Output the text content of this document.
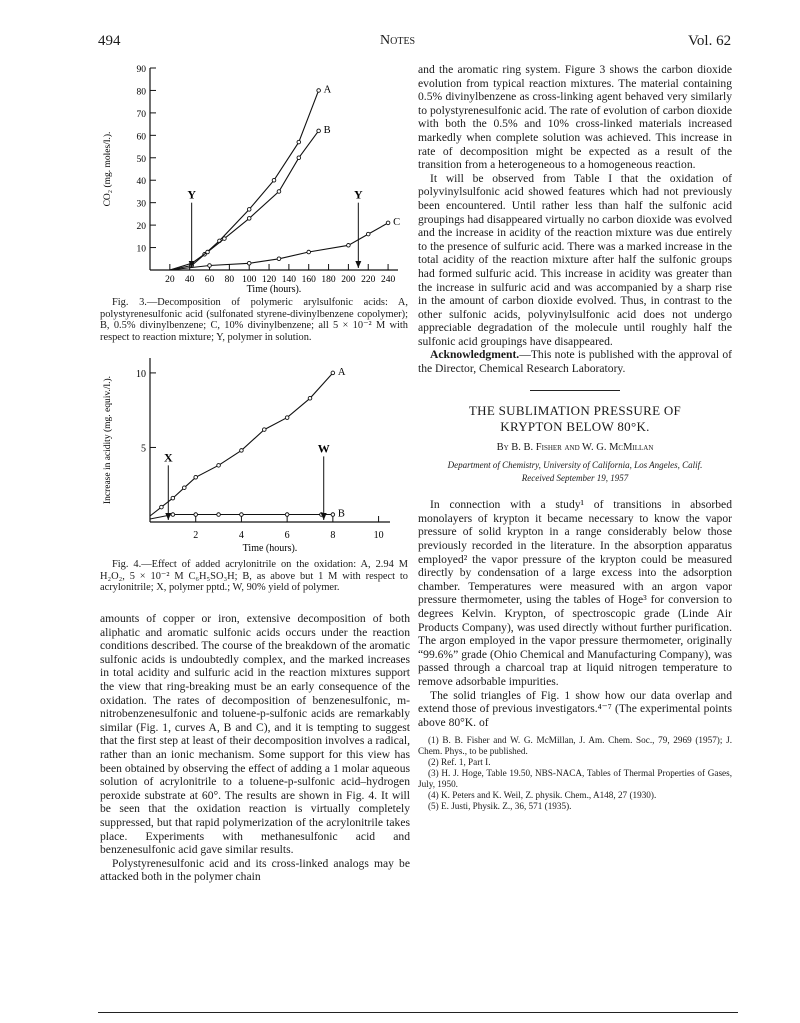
494	Notes	Vol. 62
20 40 60 80 100 120 140 160 180 200 220 240
10
20
30
40
50
60
70
80
90
Time (hours).
CO₂ (mg. moles/l.).
A
B
C
Y	Y

Fig. 3.—Decomposition of polymeric arylsulfonic acids: A, polystyrenesulfonic acid (sulfonated styrene-divinylbenzene copolymer); B, 0.5% divinylbenzene; C, 10% divinylbenzene; all 5 × 10⁻² M with respect to reaction mixture; Y, polymer in solution.

2	4	6	8	10
5
10
Time (hours).
Increase in acidity (mg. equiv./l.).
A
B
X
W

Fig. 4.—Effect of added acrylonitrile on the oxidation: A, 2.94 M H₂O₂, 5 × 10⁻² M C₆H₅SO₃H; B, as above but 1 M with respect to acrylonitrile; X, polymer pptd.; W, 90% yield of polymer.

amounts of copper or iron, extensive decomposition of both aliphatic and aromatic sulfonic acids occurs under the reaction conditions described. The course of the breakdown of the aromatic sulfonic acids is undoubtedly complex, and the marked increases in total acidity and sulfuric acid in the reaction mixtures support the view that ring-breaking must be an early consequence of the oxidation. The rates of decomposition of benzenesulfonic, m-nitrobenzenesulfonic and toluene-p-sulfonic acids are remarkably similar (Fig. 1, curves A, B and C), and it is tempting to suggest that the first step at least of their decomposition involves a radical, rather than an ionic mechanism. Some support for this view has been obtained by observing the effect of adding a 1 molar aqueous solution of acrylonitrile to a toluene-p-sulfonic acid–hydrogen peroxide substrate at 60°. The results are shown in Fig. 4. It will be seen that the oxidation reaction is virtually completely suppressed, but that rapid polymerization of the acrylonitrile takes place. Experiments with methanesulfonic acid and benzenesulfonic acid gave similar results.

Polystyrenesulfonic acid and its cross-linked analogs may be attacked both in the polymer chain

and the aromatic ring system. Figure 3 shows the carbon dioxide evolution from typical reaction mixtures. The material containing 0.5% divinylbenzene as cross-linking agent behaved very similarly to polystyrenesulfonic acid. The rate of evolution of carbon dioxide with both the 0.5% and 10% cross-linked materials increased markedly when complete solution was achieved. This increase in rate of decomposition might be expected as a result of the transition from a heterogeneous to a homogeneous reaction.

It will be observed from Table I that the oxidation of polyvinylsulfonic acid showed features which had not previously been encountered. Until rather less than half the sulfonic acid groupings had disappeared virtually no carbon dioxide was evolved and the increase in acidity of the reaction mixture was due entirely to the presence of sulfuric acid. There was a marked increase in the total acidity of the reaction mixture after half the sulfonic groups had formed sulfuric acid. This increase in acidity was greater than the increase in sulfuric acid and was accompanied by a sharp rise in the amount of carbon dioxide evolved. Thus, in contrast to the other sulfonic acids, polyvinylsulfonic acid does not undergo appreciable degradation of the molecule until roughly half the sulfonic acid groupings have disappeared.

Acknowledgment.—This note is published with the approval of the Director, Chemical Research Laboratory.

THE SUBLIMATION PRESSURE OF
KRYPTON BELOW 80°K.
By B. B. Fisher and W. G. McMillan
Department of Chemistry, University of California, Los Angeles, Calif.
Received September 19, 1957

In connection with a study¹ of transitions in absorbed monolayers of krypton it became necessary to know the vapor pressure of solid krypton in a range considerably below those previously recorded in the literature. In the absorption apparatus employed² the vapor pressure of the krypton could be measured directly by condensation of a large excess into the adsorption chamber. Temperatures were measured with an argon vapor pressure thermometer, using the tables of Hoge³ for conversion to degrees Kelvin. Krypton, of spectroscopic grade (Linde Air Products Company), was used directly without further purification. The argon employed in the vapor pressure thermometer, originally “99.6%” grade (Ohio Chemical and Manufacturing Company), was passed through a charcoal trap at liquid nitrogen temperature to remove adsorbable impurities.

The solid triangles of Fig. 1 show how our data overlap and extend those of previous investigators.⁴⁻⁷ (The experimental points above 80°K. of

(1) B. B. Fisher and W. G. McMillan, J. Am. Chem. Soc., 79, 2969 (1957); J. Chem. Phys., to be published.
(2) Ref. 1, Part I.
(3) H. J. Hoge, Table 19.50, NBS-NACA, Tables of Thermal Properties of Gases, July, 1950.
(4) K. Peters and K. Weil, Z. physik. Chem., A148, 27 (1930).
(5) E. Justi, Physik. Z., 36, 571 (1935).
